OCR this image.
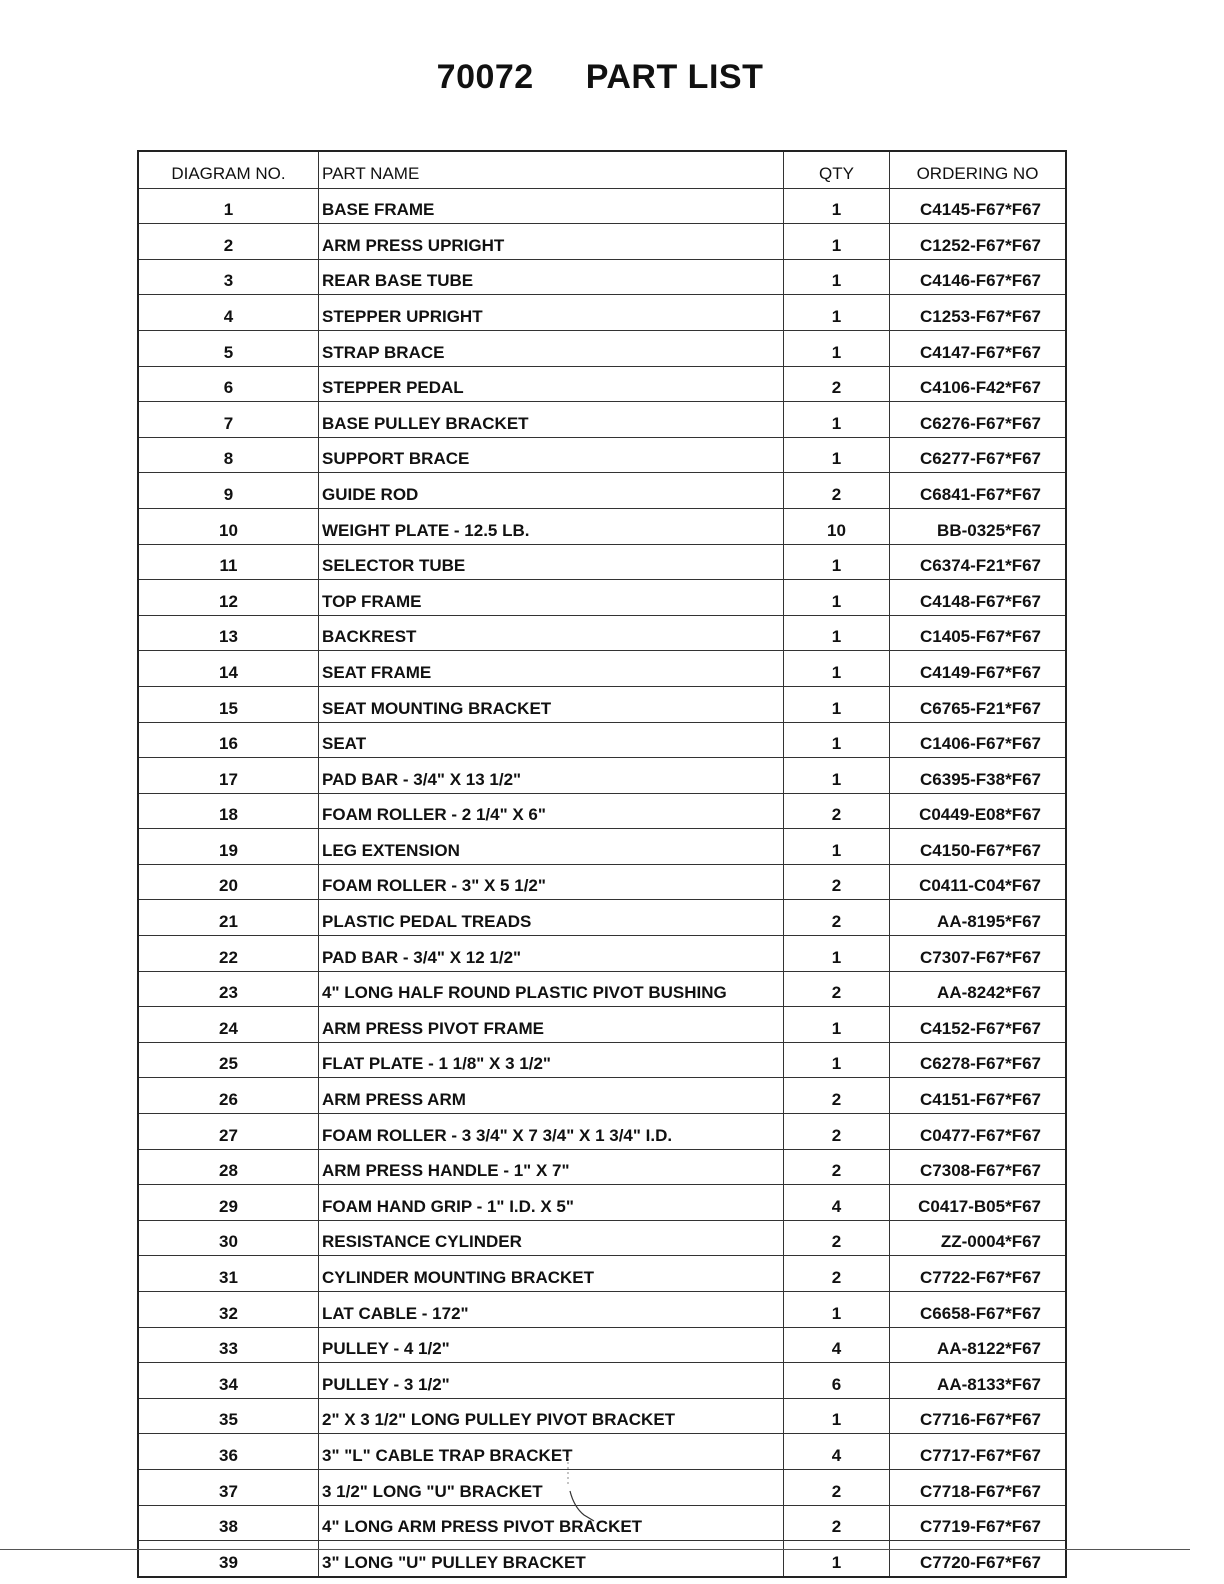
70072 PART LIST
DIAGRAM NO.	PART NAME	QTY	ORDERING NO
1	BASE FRAME	1	C4145-F67*F67
2	ARM PRESS UPRIGHT	1	C1252-F67*F67
3	REAR BASE TUBE	1	C4146-F67*F67
4	STEPPER UPRIGHT	1	C1253-F67*F67
5	STRAP BRACE	1	C4147-F67*F67
6	STEPPER PEDAL	2	C4106-F42*F67
7	BASE PULLEY BRACKET	1	C6276-F67*F67
8	SUPPORT BRACE	1	C6277-F67*F67
9	GUIDE ROD	2	C6841-F67*F67
10	WEIGHT PLATE - 12.5 LB.	10	BB-0325*F67
11	SELECTOR TUBE	1	C6374-F21*F67
12	TOP FRAME	1	C4148-F67*F67
13	BACKREST	1	C1405-F67*F67
14	SEAT FRAME	1	C4149-F67*F67
15	SEAT MOUNTING BRACKET	1	C6765-F21*F67
16	SEAT	1	C1406-F67*F67
17	PAD BAR - 3/4" X 13 1/2"	1	C6395-F38*F67
18	FOAM ROLLER - 2 1/4" X 6"	2	C0449-E08*F67
19	LEG EXTENSION	1	C4150-F67*F67
20	FOAM ROLLER - 3" X 5 1/2"	2	C0411-C04*F67
21	PLASTIC PEDAL TREADS	2	AA-8195*F67
22	PAD BAR - 3/4" X 12 1/2"	1	C7307-F67*F67
23	4" LONG HALF ROUND PLASTIC PIVOT BUSHING	2	AA-8242*F67
24	ARM PRESS PIVOT FRAME	1	C4152-F67*F67
25	FLAT PLATE - 1 1/8" X 3 1/2"	1	C6278-F67*F67
26	ARM PRESS ARM	2	C4151-F67*F67
27	FOAM ROLLER - 3 3/4" X 7 3/4" X 1 3/4" I.D.	2	C0477-F67*F67
28	ARM PRESS HANDLE - 1" X 7"	2	C7308-F67*F67
29	FOAM HAND GRIP - 1" I.D. X 5"	4	C0417-B05*F67
30	RESISTANCE CYLINDER	2	ZZ-0004*F67
31	CYLINDER MOUNTING BRACKET	2	C7722-F67*F67
32	LAT CABLE - 172"	1	C6658-F67*F67
33	PULLEY - 4 1/2"	4	AA-8122*F67
34	PULLEY - 3 1/2"	6	AA-8133*F67
35	2" X 3 1/2" LONG PULLEY PIVOT BRACKET	1	C7716-F67*F67
36	3" "L" CABLE TRAP BRACKET	4	C7717-F67*F67
37	3 1/2" LONG "U" BRACKET	2	C7718-F67*F67
38	4" LONG ARM PRESS PIVOT BRACKET	2	C7719-F67*F67
39	3" LONG "U" PULLEY BRACKET	1	C7720-F67*F67
